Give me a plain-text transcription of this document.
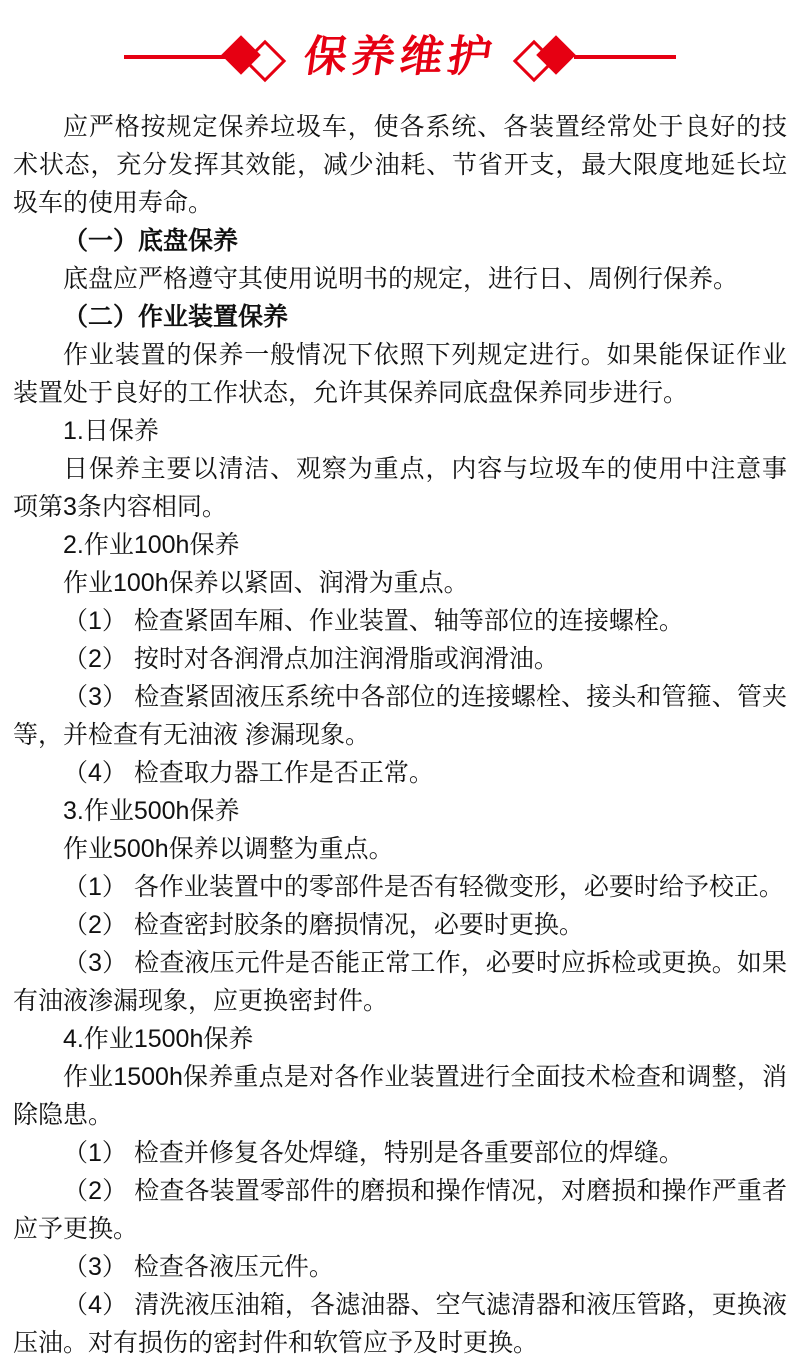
保养维护

应严格按规定保养垃圾车，使各系统、各装置经常处于良好的技术状态，充分发挥其效能，减少油耗、节省开支，最大限度地延长垃圾车的使用寿命。

（一）底盘保养

底盘应严格遵守其使用说明书的规定，进行日、周例行保养。

（二）作业装置保养

作业装置的保养一般情况下依照下列规定进行。如果能保证作业装置处于良好的工作状态，允许其保养同底盘保养同步进行。

1.日保养

日保养主要以清洁、观察为重点，内容与垃圾车的使用中注意事项第3条内容相同。

2.作业100h保养

作业100h保养以紧固、润滑为重点。

（1） 检查紧固车厢、作业装置、轴等部位的连接螺栓。

（2） 按时对各润滑点加注润滑脂或润滑油。

（3） 检查紧固液压系统中各部位的连接螺栓、接头和管箍、管夹等，并检查有无油液 渗漏现象。

（4） 检查取力器工作是否正常。

3.作业500h保养

作业500h保养以调整为重点。

（1） 各作业装置中的零部件是否有轻微变形，必要时给予校正。

（2） 检查密封胶条的磨损情况，必要时更换。

（3） 检查液压元件是否能正常工作，必要时应拆检或更换。如果有油液渗漏现象，应更换密封件。

4.作业1500h保养

作业1500h保养重点是对各作业装置进行全面技术检查和调整，消除隐患。

（1） 检查并修复各处焊缝，特别是各重要部位的焊缝。

（2） 检查各装置零部件的磨损和操作情况，对磨损和操作严重者应予更换。

（3） 检查各液压元件。

（4） 清洗液压油箱，各滤油器、空气滤清器和液压管路，更换液压油。对有损伤的密封件和软管应予及时更换。
